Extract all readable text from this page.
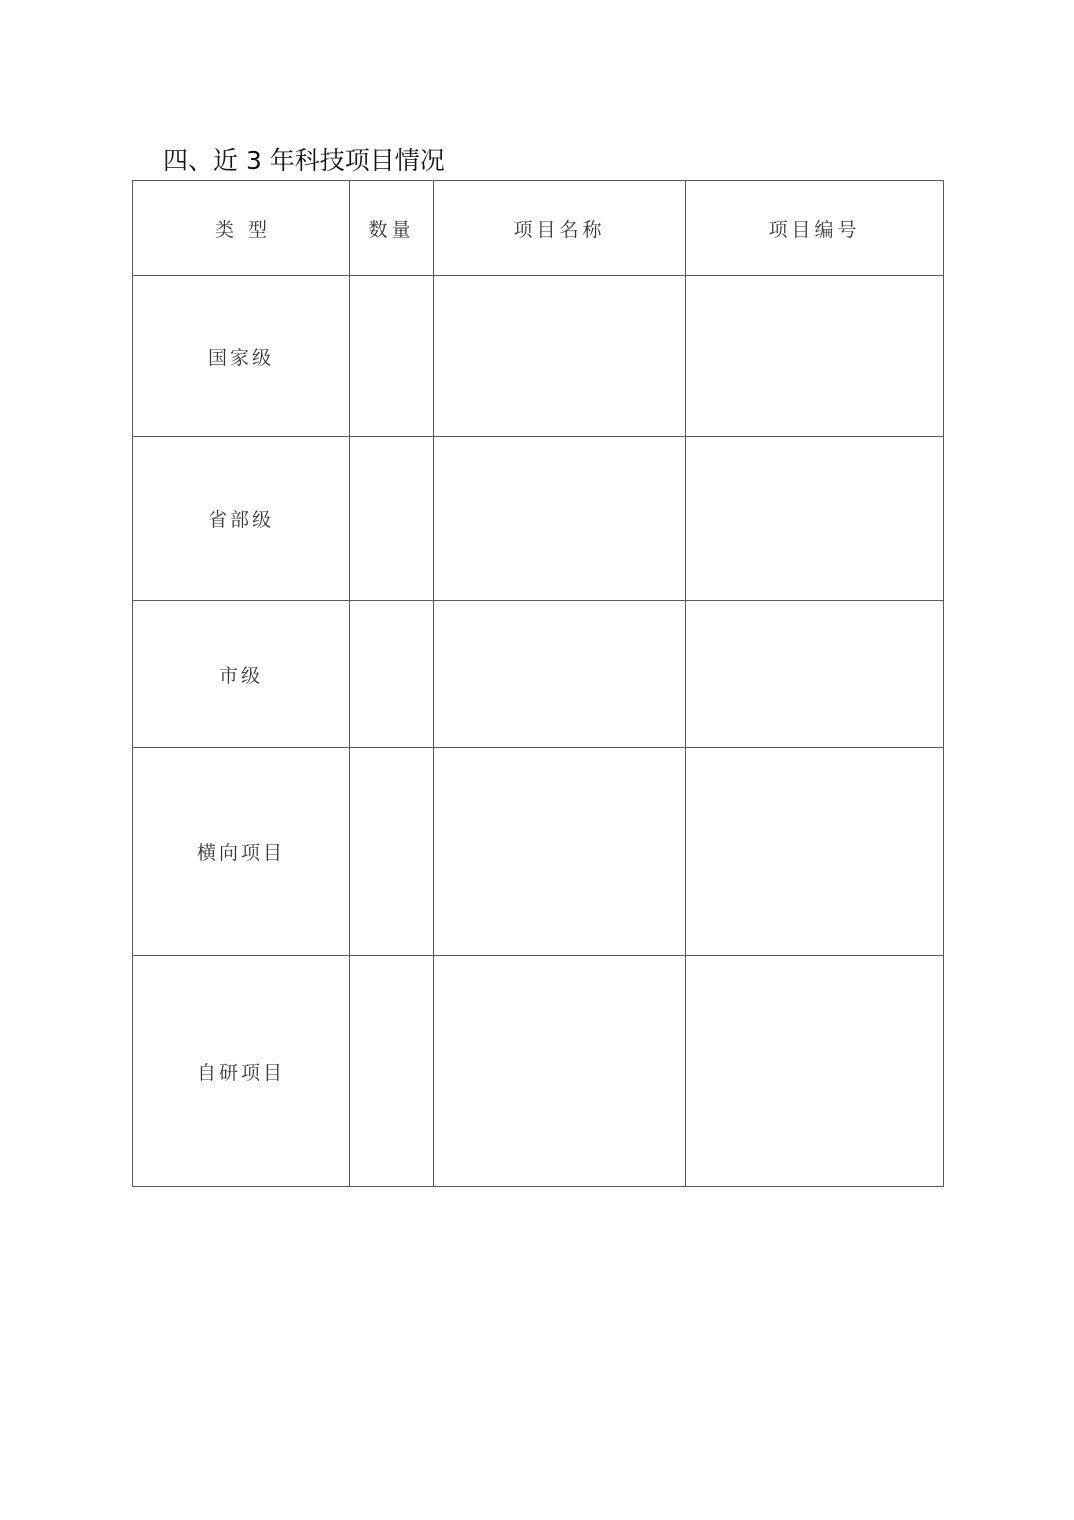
四、近 3 年科技项目情况
类型	数量	项目名称	项目编号
国家级			
省部级			
市级			
横向项目			
自研项目			
